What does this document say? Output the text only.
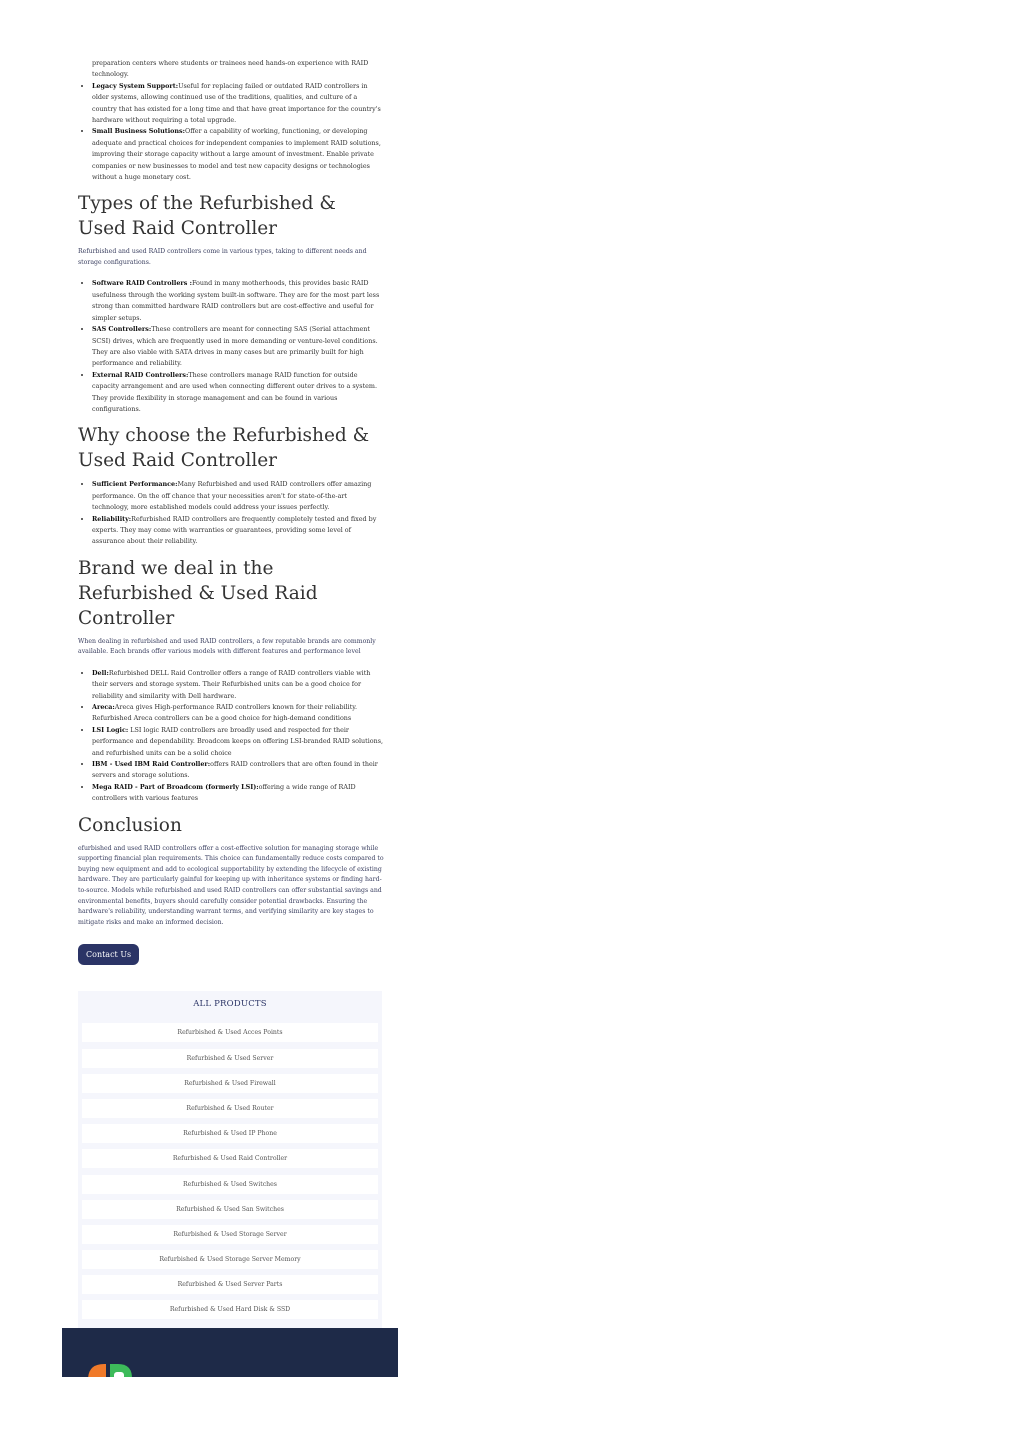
preparation centers where students or trainees need hands-on experience with RAID technology.
• Legacy System Support:Useful for replacing failed or outdated RAID controllers in older systems, allowing continued use of the traditions, qualities, and culture of a country that has existed for a long time and that have great importance for the country's hardware without requiring a total upgrade.
• Small Business Solutions:Offer a capability of working, functioning, or developing adequate and practical choices for independent companies to implement RAID solutions, improving their storage capacity without a large amount of investment. Enable private companies or new businesses to model and test new capacity designs or technologies without a huge monetary cost.
Types of the Refurbished & Used Raid Controller

Refurbished and used RAID controllers come in various types, taking to different needs and storage configurations.

• Software RAID Controllers :Found in many motherhoods, this provides basic RAID usefulness through the working system built-in software. They are for the most part less strong than committed hardware RAID controllers but are cost-effective and useful for simpler setups.
• SAS Controllers:These controllers are meant for connecting SAS (Serial attachment SCSI) drives, which are frequently used in more demanding or venture-level conditions. They are also viable with SATA drives in many cases but are primarily built for high performance and reliability.
• External RAID Controllers:These controllers manage RAID function for outside capacity arrangement and are used when connecting different outer drives to a system. They provide flexibility in storage management and can be found in various configurations.
Why choose the Refurbished & Used Raid Controller
• Sufficient Performance:Many Refurbished and used RAID controllers offer amazing performance. On the off chance that your necessities aren't for state-of-the-art technology, more established models could address your issues perfectly.
• Reliability:Refurbished RAID controllers are frequently completely tested and fixed by experts. They may come with warranties or guarantees, providing some level of assurance about their reliability.
Brand we deal in the Refurbished & Used Raid Controller

When dealing in refurbished and used RAID controllers, a few reputable brands are commonly available. Each brands offer various models with different features and performance level

• Dell:Refurbished DELL Raid Controller offers a range of RAID controllers viable with their servers and storage system. Their Refurbished units can be a good choice for reliability and similarity with Dell hardware.
• Areca:Areca gives High-performance RAID controllers known for their reliability. Refurbished Areca controllers can be a good choice for high-demand conditions
• LSI Logic: LSI logic RAID controllers are broadly used and respected for their performance and dependability. Broadcom keeps on offering LSI-branded RAID solutions, and refurbished units can be a solid choice
• IBM - Used IBM Raid Controller:offers RAID controllers that are often found in their servers and storage solutions.
• Mega RAID - Part of Broadcom (formerly LSI):offering a wide range of RAID controllers with various features
Conclusion

efurbished and used RAID controllers offer a cost-effective solution for managing storage while supporting financial plan requirements. This choice can fundamentally reduce costs compared to buying new equipment and add to ecological supportability by extending the lifecycle of existing hardware. They are particularly gainful for keeping up with inheritance systems or finding hard-to-source. Models while refurbished and used RAID controllers can offer substantial savings and environmental benefits, buyers should carefully consider potential drawbacks. Ensuring the hardware's reliability, understanding warrant terms, and verifying similarity are key stages to mitigate risks and make an informed decision.

Contact Us
ALL PRODUCTS
Refurbished & Used Acces Points
Refurbished & Used Server
Refurbished & Used Firewall
Refurbished & Used Router
Refurbished & Used IP Phone
Refurbished & Used Raid Controller
Refurbished & Used Switches
Refurbished & Used San Switches
Refurbished & Used Storage Server
Refurbished & Used Storage Server Memory
Refurbished & Used Server Parts
Refurbished & Used Hard Disk & SSD
